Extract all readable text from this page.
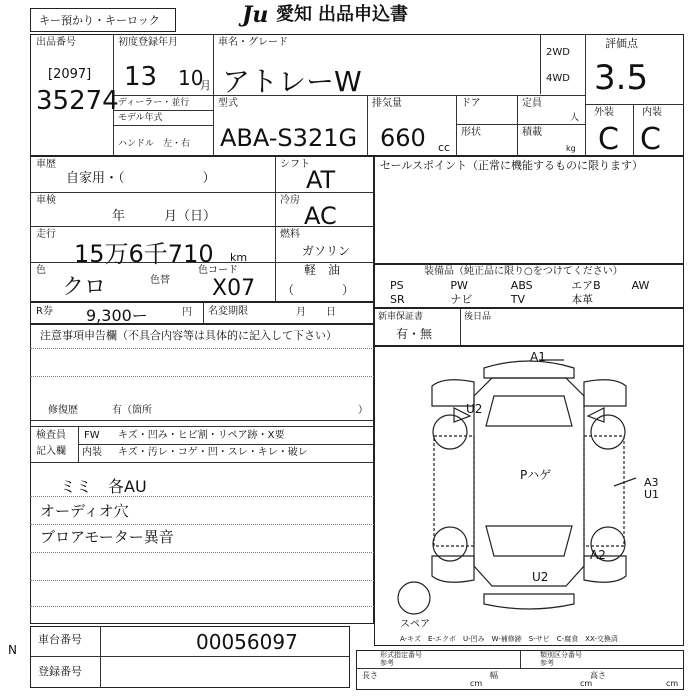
キー預かり・キーロック	Ju 愛知 出品申込書
出品番号
[2097]
35274
初度登録年月
13 10
月
車名・グレード
アトレーW
2WD
4WD
評価点
3.5
ディーラー・並行
モデル年式
ハンドル　左・右
型式
ABA-S321G
排気量
660 cc
ドア	定員
人
形状	積載
kg
外装	内装
C C
車歴
自家用・（　　　　　　）
シフト
AT
車検
年　　　月（日）
冷房
AC
走行
15万6千710 km
燃料
ガソリン
軽　油
（　　　　）
色
クロ	色替
色コード
X07
R券 9,300ー	円 名変期限	月　　日
セールスポイント（正常に機能するものに限ります）
装備品（純正品に限り○をつけてください）
PS	PW	ABS	エアB	AW
SR	ナビ	TV	本革
新車保証書
有・無
後日品
注意事項申告欄（不具合内容等は具体的に記入して下さい）
修復歴	有（箇所	）
検査員
記入欄
FW キズ・凹み・ヒビ割・リペア跡・X要
内装 キズ・汚レ・コゲ・凹・スレ・キレ・破レ
ミミ　各AU
オーディオ穴
ブロアモーター異音
A1
U2
Pハゲ
A3
U1
A2
U2
スペア
N
車台番号	00056097
登録番号
A-キズ　E-エクボ　U-凹み　W-補修跡　S-サビ　C-腐食　XX-交換済
形式指定番号
参考
類別区分番号
参考
長さ
cm
幅
cm
高さ
cm
